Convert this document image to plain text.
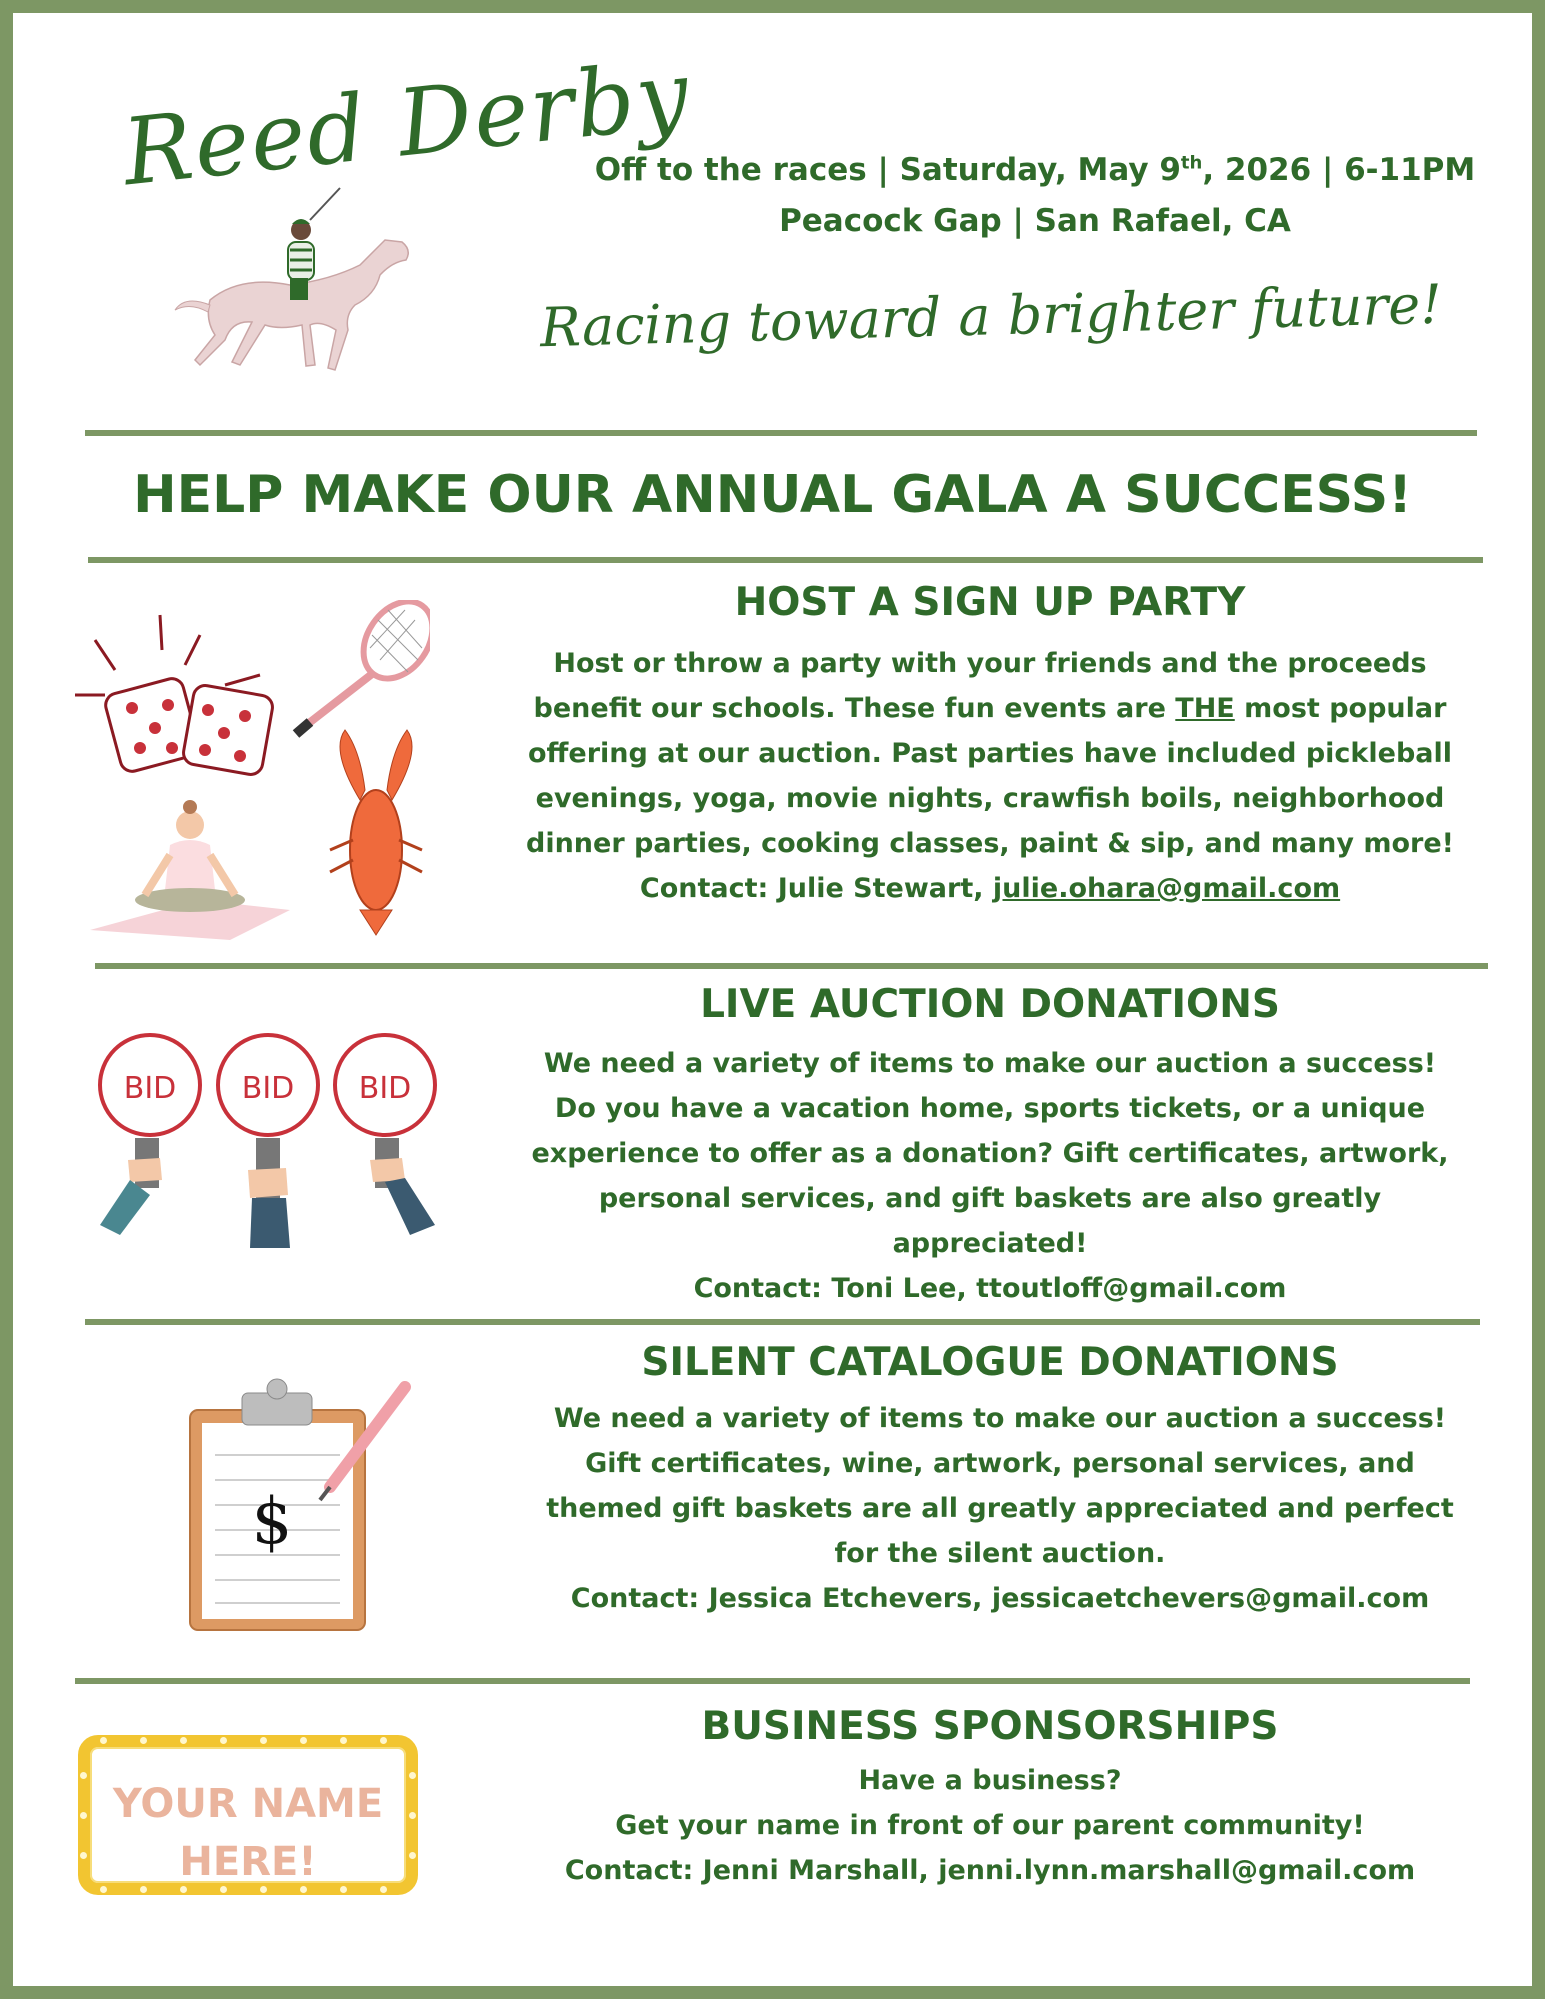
Reed Derby
Off to the races | Saturday, May 9th, 2026 | 6-11PM
Peacock Gap | San Rafael, CA
Racing toward a brighter future!
HELP MAKE OUR ANNUAL GALA A SUCCESS!
HOST A SIGN UP PARTY
Host or throw a party with your friends and the proceeds
benefit our schools. These fun events are THE most popular
offering at our auction. Past parties have included pickleball
evenings, yoga, movie nights, crawfish boils, neighborhood
dinner parties, cooking classes, paint & sip, and many more!
Contact: Julie Stewart, julie.ohara@gmail.com
BID BID BID
LIVE AUCTION DONATIONS
We need a variety of items to make our auction a success!
Do you have a vacation home, sports tickets, or a unique
experience to offer as a donation? Gift certificates, artwork,
personal services, and gift baskets are also greatly
appreciated!
Contact: Toni Lee, ttoutloff@gmail.com
$
SILENT CATALOGUE DONATIONS
We need a variety of items to make our auction a success!
Gift certificates, wine, artwork, personal services, and
themed gift baskets are all greatly appreciated and perfect
for the silent auction.
Contact: Jessica Etchevers, jessicaetchevers@gmail.com
YOUR NAME
HERE!
BUSINESS SPONSORSHIPS
Have a business?
Get your name in front of our parent community!
Contact: Jenni Marshall, jenni.lynn.marshall@gmail.com
